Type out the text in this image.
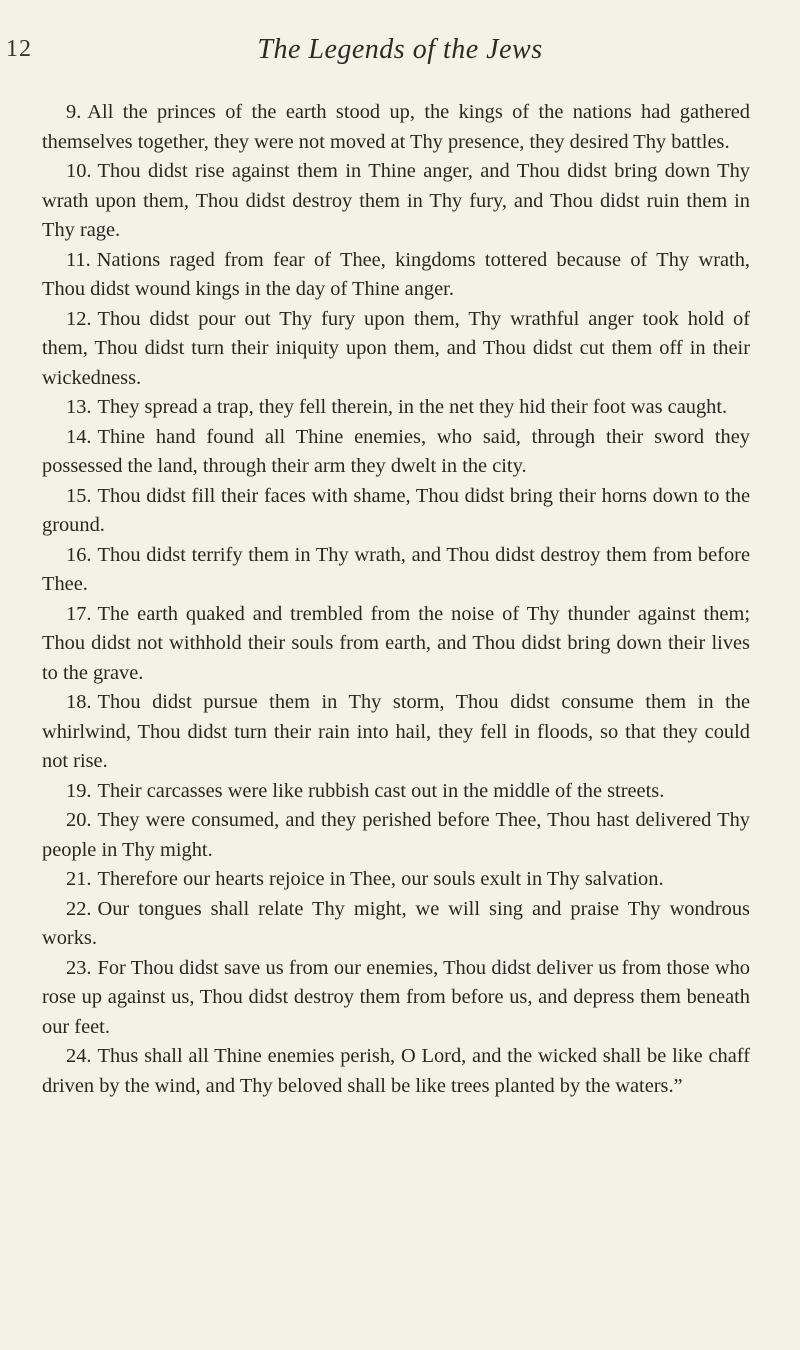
12	The Legends of the Jews

9. All the princes of the earth stood up, the kings of the nations had gathered themselves together, they were not moved at Thy presence, they desired Thy battles.

10. Thou didst rise against them in Thine anger, and Thou didst bring down Thy wrath upon them, Thou didst destroy them in Thy fury, and Thou didst ruin them in Thy rage.

11. Nations raged from fear of Thee, kingdoms tottered because of Thy wrath, Thou didst wound kings in the day of Thine anger.

12. Thou didst pour out Thy fury upon them, Thy wrathful anger took hold of them, Thou didst turn their iniquity upon them, and Thou didst cut them off in their wickedness.

13. They spread a trap, they fell therein, in the net they hid their foot was caught.

14. Thine hand found all Thine enemies, who said, through their sword they possessed the land, through their arm they dwelt in the city.

15. Thou didst fill their faces with shame, Thou didst bring their horns down to the ground.

16. Thou didst terrify them in Thy wrath, and Thou didst destroy them from before Thee.

17. The earth quaked and trembled from the noise of Thy thunder against them; Thou didst not withhold their souls from earth, and Thou didst bring down their lives to the grave.

18. Thou didst pursue them in Thy storm, Thou didst consume them in the whirlwind, Thou didst turn their rain into hail, they fell in floods, so that they could not rise.

19. Their carcasses were like rubbish cast out in the middle of the streets.

20. They were consumed, and they perished before Thee, Thou hast delivered Thy people in Thy might.

21. Therefore our hearts rejoice in Thee, our souls exult in Thy salvation.

22. Our tongues shall relate Thy might, we will sing and praise Thy wondrous works.

23. For Thou didst save us from our enemies, Thou didst deliver us from those who rose up against us, Thou didst destroy them from before us, and depress them beneath our feet.

24. Thus shall all Thine enemies perish, O Lord, and the wicked shall be like chaff driven by the wind, and Thy beloved shall be like trees planted by the waters.”
